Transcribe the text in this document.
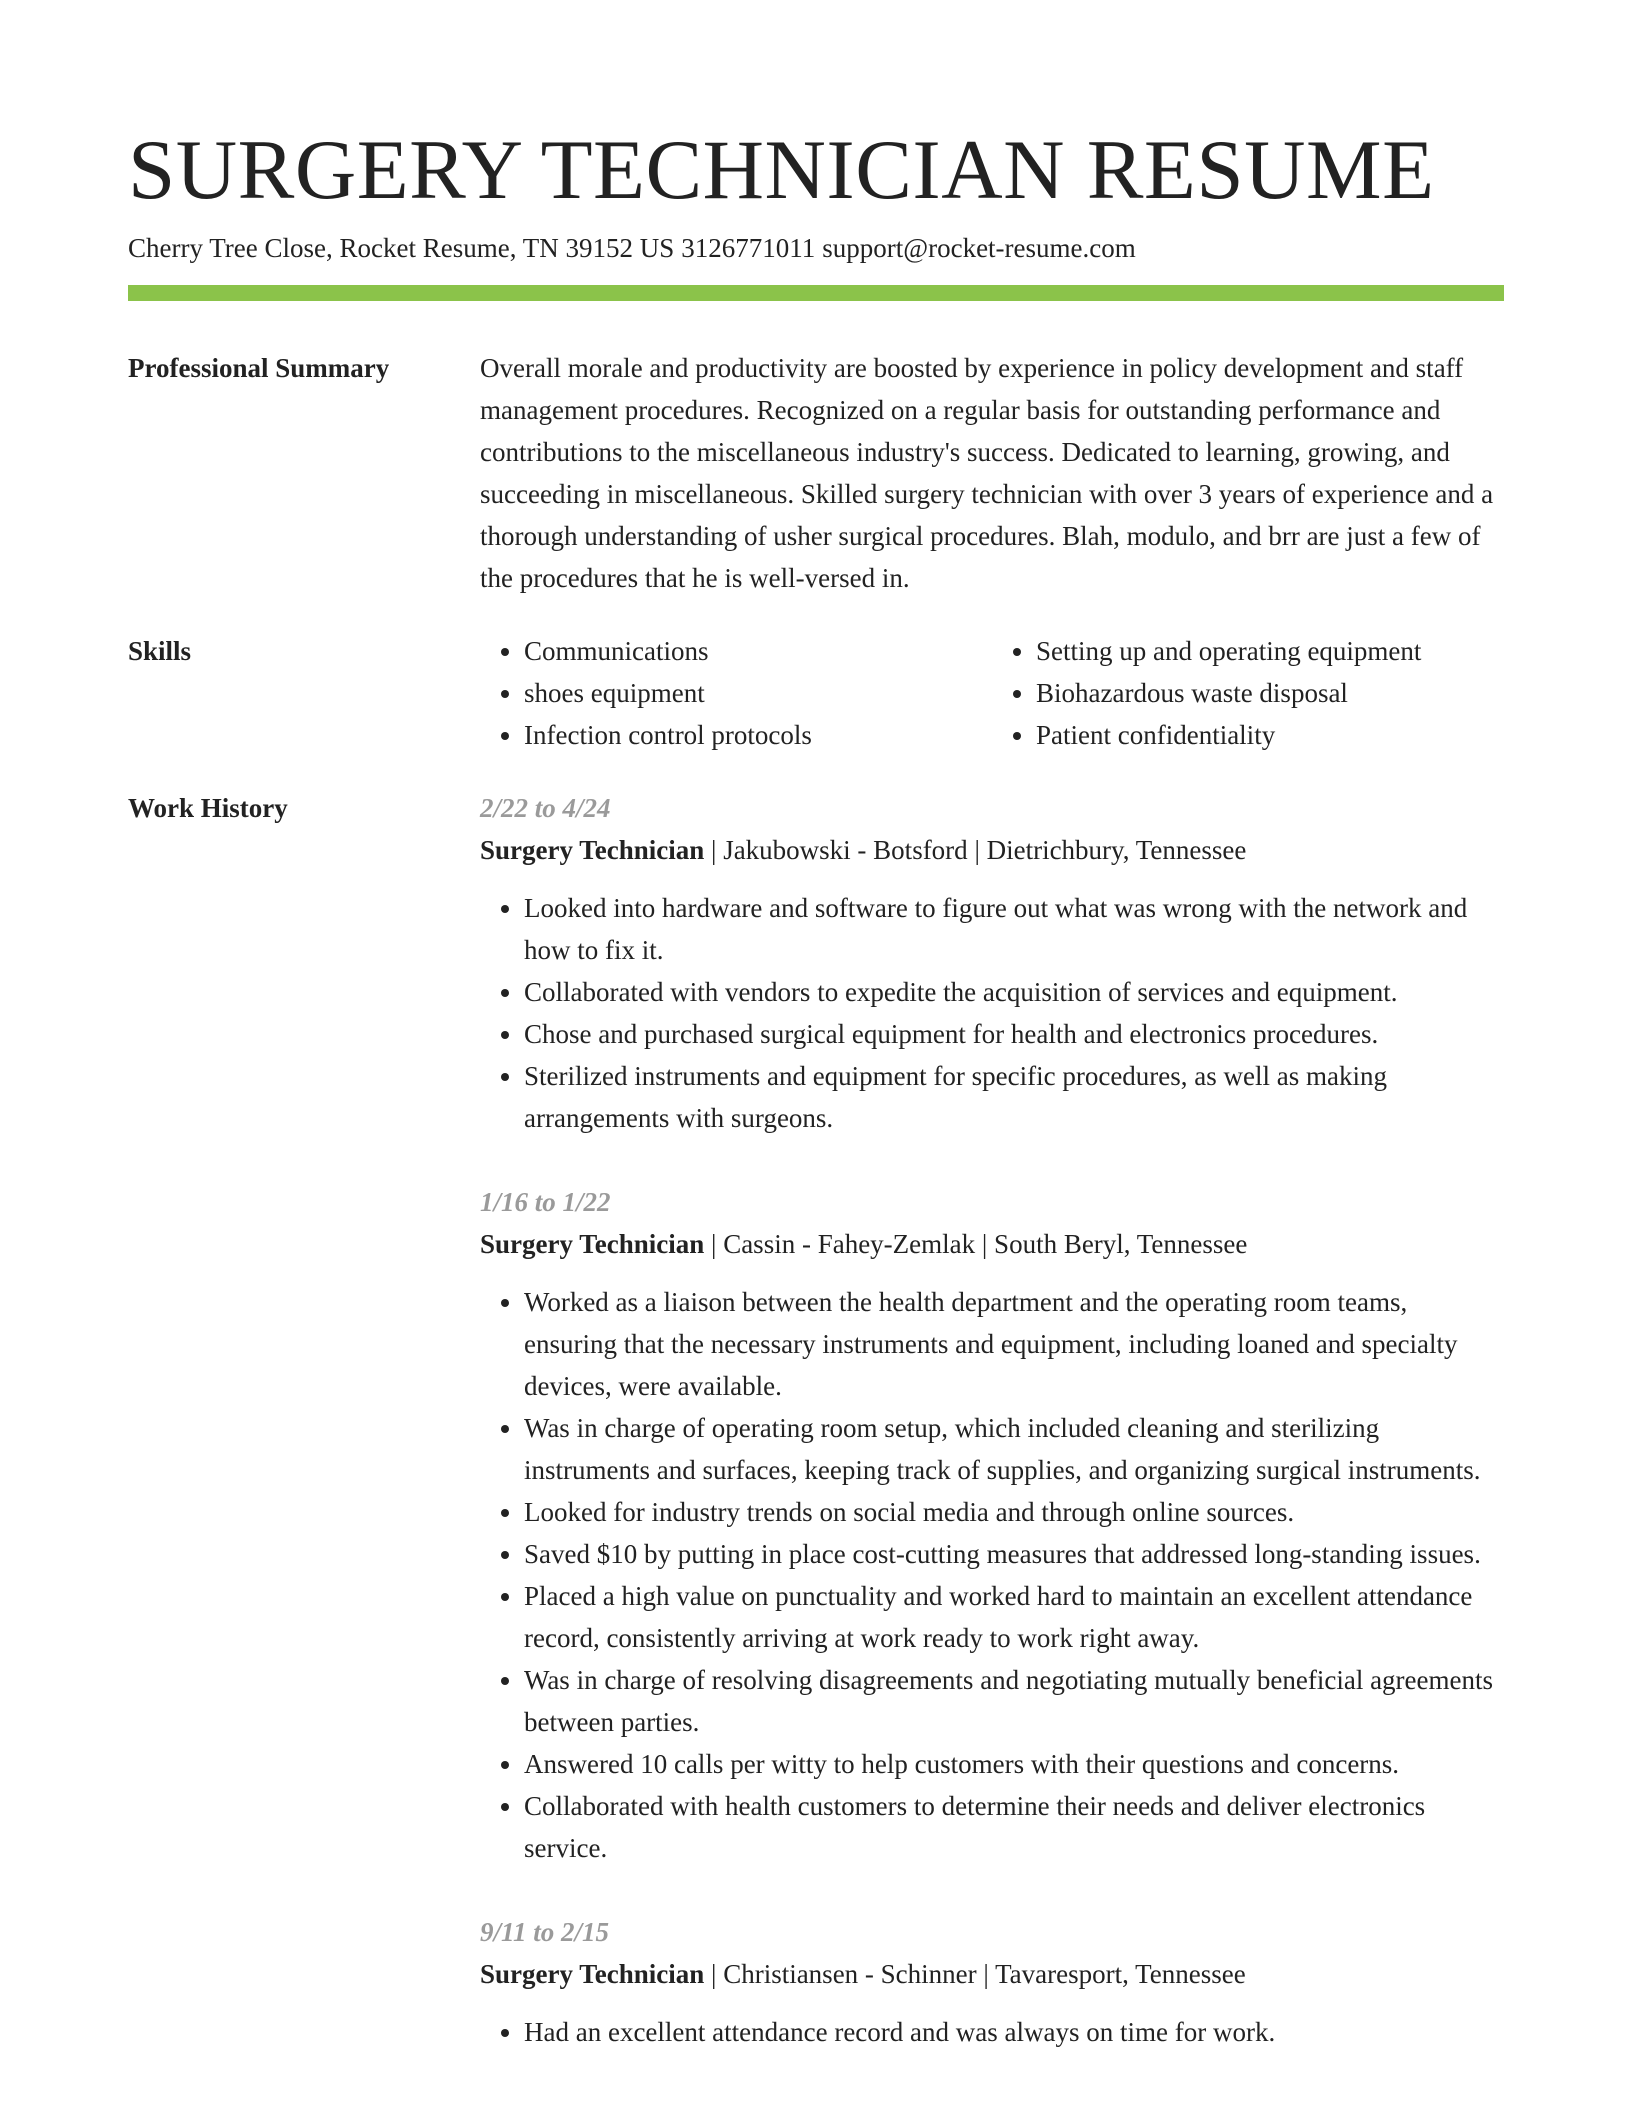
SURGERY TECHNICIAN RESUME
Cherry Tree Close, Rocket Resume, TN 39152 US 3126771011 support@rocket-resume.com
Professional Summary	Overall morale and productivity are boosted by experience in policy development and staff management procedures. Recognized on a regular basis for outstanding performance and contributions to the miscellaneous industry's success. Dedicated to learning, growing, and succeeding in miscellaneous. Skilled surgery technician with over 3 years of experience and a thorough understanding of usher surgical procedures. Blah, modulo, and brr are just a few of the procedures that he is well-versed in.

Skills
•	Communications
• shoes equipment
• Infection control protocols
• Setting up and operating equipment
• Biohazardous waste disposal
• Patient confidentiality
Work History	2/22 to 4/24
Surgery Technician | Jakubowski - Botsford | Dietrichbury, Tennessee
• Looked into hardware and software to figure out what was wrong with the network and how to fix it.
• Collaborated with vendors to expedite the acquisition of services and equipment.
• Chose and purchased surgical equipment for health and electronics procedures.
• Sterilized instruments and equipment for specific procedures, as well as making arrangements with surgeons.
1/16 to 1/22
Surgery Technician | Cassin - Fahey-Zemlak | South Beryl, Tennessee
• Worked as a liaison between the health department and the operating room teams, ensuring that the necessary instruments and equipment, including loaned and specialty devices, were available.
• Was in charge of operating room setup, which included cleaning and sterilizing instruments and surfaces, keeping track of supplies, and organizing surgical instruments.
• Looked for industry trends on social media and through online sources.
• Saved $10 by putting in place cost-cutting measures that addressed long-standing issues.
• Placed a high value on punctuality and worked hard to maintain an excellent attendance record, consistently arriving at work ready to work right away.
• Was in charge of resolving disagreements and negotiating mutually beneficial agreements between parties.
• Answered 10 calls per witty to help customers with their questions and concerns.
• Collaborated with health customers to determine their needs and deliver electronics service.
9/11 to 2/15
Surgery Technician | Christiansen - Schinner | Tavaresport, Tennessee
• Had an excellent attendance record and was always on time for work.
